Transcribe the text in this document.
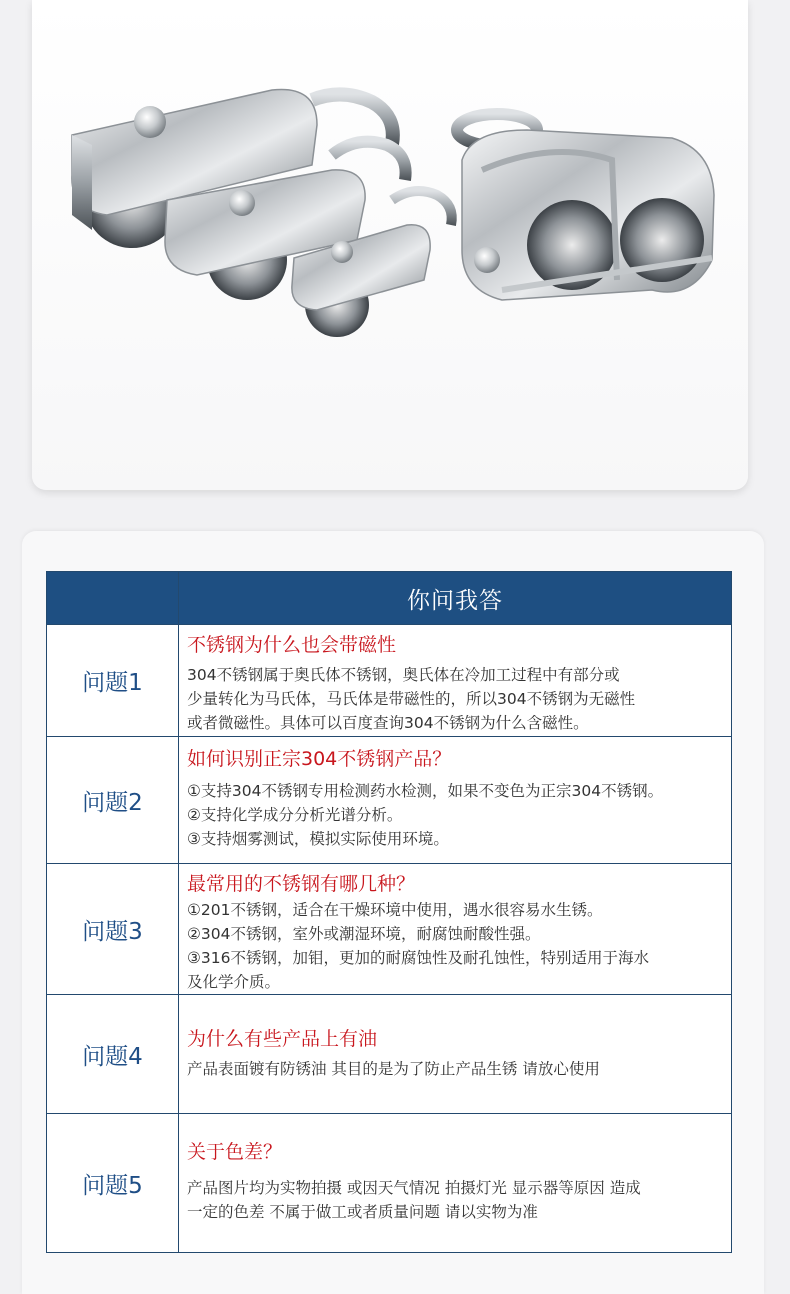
	你问我答
问题1	不锈钢为什么也会带磁性
304不锈钢属于奥氏体不锈钢，奥氏体在冷加工过程中有部分或
少量转化为马氏体，马氏体是带磁性的，所以304不锈钢为无磁性
或者微磁性。具体可以百度查询304不锈钢为什么含磁性。

问题2	如何识别正宗304不锈钢产品？
①支持304不锈钢专用检测药水检测，如果不变色为正宗304不锈钢。
②支持化学成分分析光谱分析。
③支持烟雾测试，模拟实际使用环境。

问题3	最常用的不锈钢有哪几种？
①201不锈钢，适合在干燥环境中使用，遇水很容易水生锈。
②304不锈钢，室外或潮湿环境，耐腐蚀耐酸性强。
③316不锈钢，加钼，更加的耐腐蚀性及耐孔蚀性，特别适用于海水
及化学介质。

问题4	为什么有些产品上有油
产品表面镀有防锈油 其目的是为了防止产品生锈 请放心使用

问题5	关于色差？
产品图片均为实物拍摄 或因天气情况 拍摄灯光 显示器等原因 造成
一定的色差 不属于做工或者质量问题 请以实物为准
